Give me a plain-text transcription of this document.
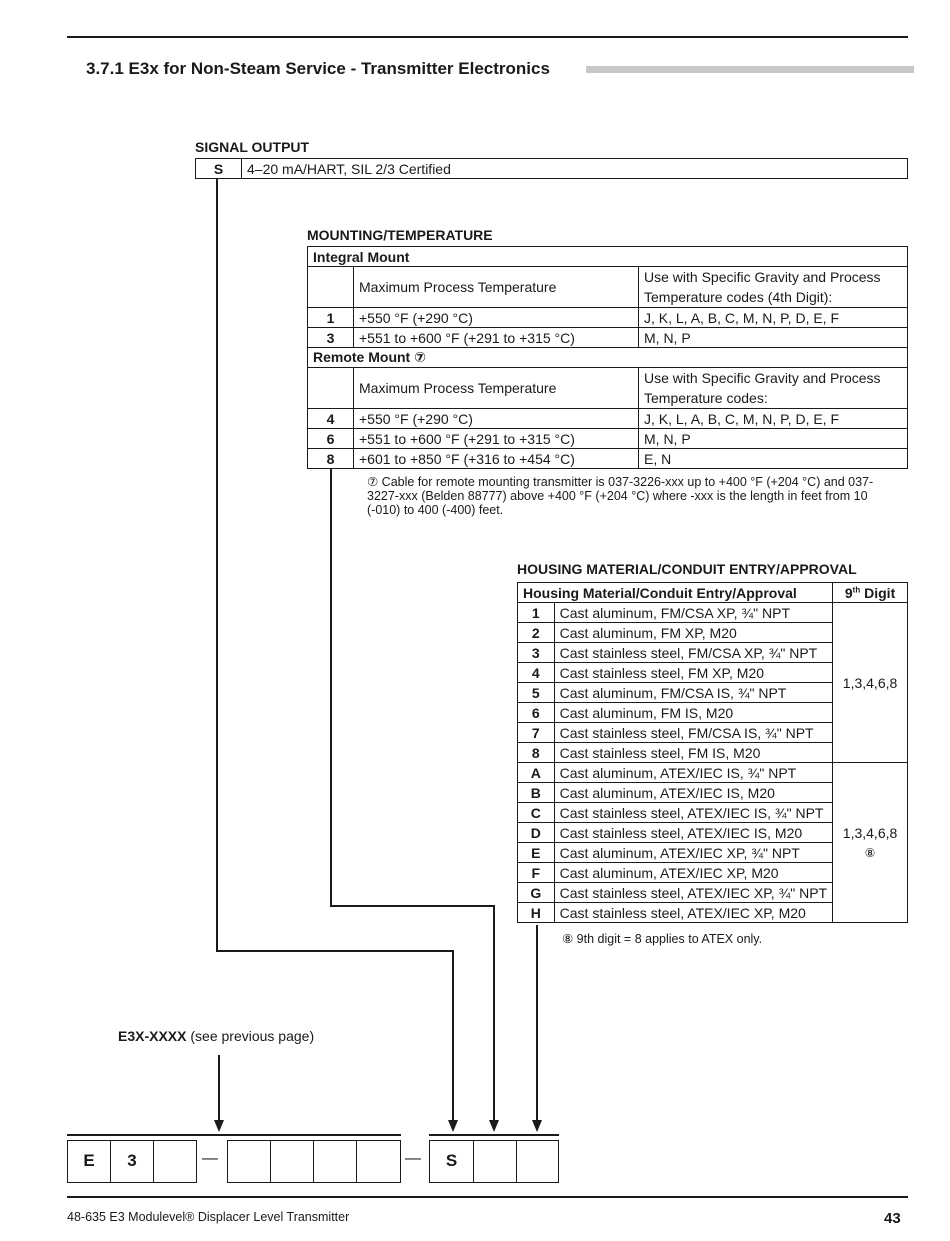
3.7.1 E3x for Non-Steam Service - Transmitter Electronics
SIGNAL OUTPUT
S	4–20 mA/HART, SIL 2/3 Certified
MOUNTING/TEMPERATURE
Integral Mount		
	Maximum Process Temperature	Use with Specific Gravity and Process Temperature codes (4th Digit):
1	+550 °F (+290 °C)	J, K, L, A, B, C, M, N, P, D, E, F
3	+551 to +600 °F (+291 to +315 °C)	M, N, P
Remote Mount ⑦		
	Maximum Process Temperature	Use with Specific Gravity and Process Temperature codes:
4	+550 °F (+290 °C)	J, K, L, A, B, C, M, N, P, D, E, F
6	+551 to +600 °F (+291 to +315 °C)	M, N, P
8	+601 to +850 °F (+316 to +454 °C)	E, N
⑦ Cable for remote mounting transmitter is 037-3226-xxx up to +400 °F (+204 °C) and 037-3227-xxx (Belden 88777) above +400 °F (+204 °C) where -xxx is the length in feet from 10 (-010) to 400 (-400) feet.
HOUSING MATERIAL/CONDUIT ENTRY/APPROVAL
Housing Material/Conduit Entry/Approval		9th Digit
1	Cast aluminum, FM/CSA XP, ¾" NPT	1,3,4,6,8
2	Cast aluminum, FM XP, M20	
3	Cast stainless steel, FM/CSA XP, ¾" NPT	
4	Cast stainless steel, FM XP, M20	
5	Cast aluminum, FM/CSA IS, ¾" NPT	
6	Cast aluminum, FM IS, M20	
7	Cast stainless steel, FM/CSA IS, ¾" NPT	
8	Cast stainless steel, FM IS, M20	
A	Cast aluminum, ATEX/IEC IS, ¾" NPT	1,3,4,6,8
⑧

B	Cast aluminum, ATEX/IEC IS, M20	
C	Cast stainless steel, ATEX/IEC IS, ¾" NPT	
D	Cast stainless steel, ATEX/IEC IS, M20	
E	Cast aluminum, ATEX/IEC XP, ¾" NPT	
F	Cast aluminum, ATEX/IEC XP, M20	
G	Cast stainless steel, ATEX/IEC XP, ¾" NPT	
H	Cast stainless steel, ATEX/IEC XP, M20	
⑧ 9th digit = 8 applies to ATEX only.
E3X-XXXX (see previous page)
E	3	—	—	S
48-635 E3 Modulevel® Displacer Level Transmitter	43
